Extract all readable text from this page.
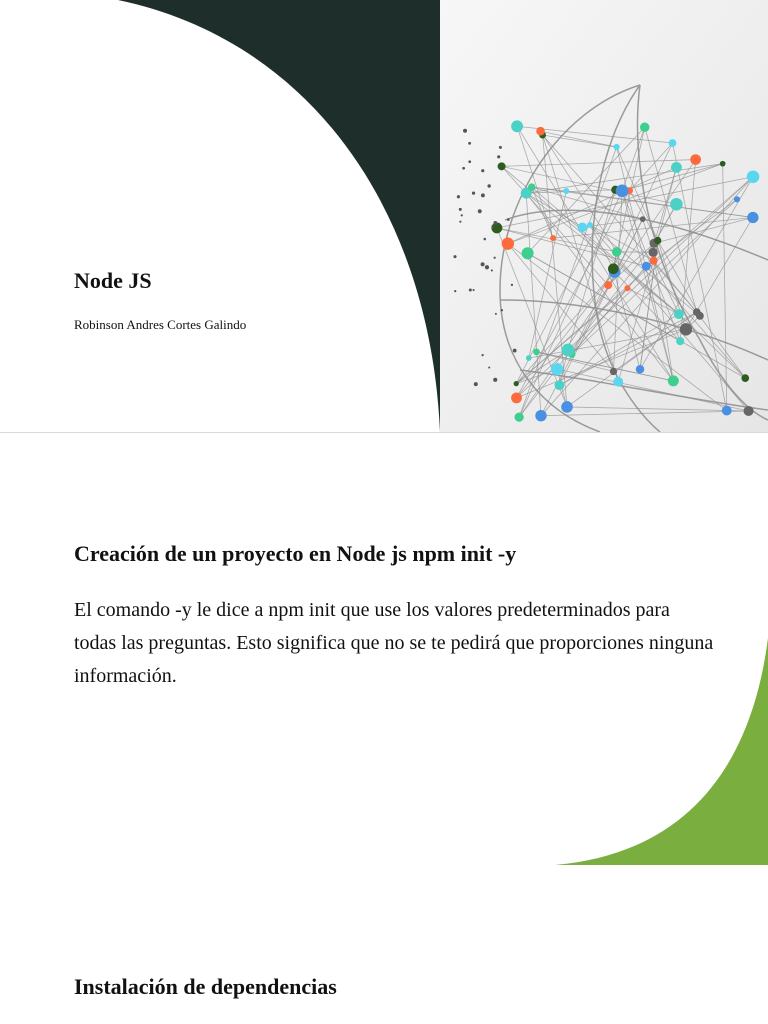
Node JS

Robinson Andres Cortes Galindo

Creación de un proyecto en Node js npm init -y

El comando -y le dice a npm init que use los valores predeterminados para todas las preguntas. Esto significa que no se te pedirá que proporciones ninguna información.

Instalación de dependencias
